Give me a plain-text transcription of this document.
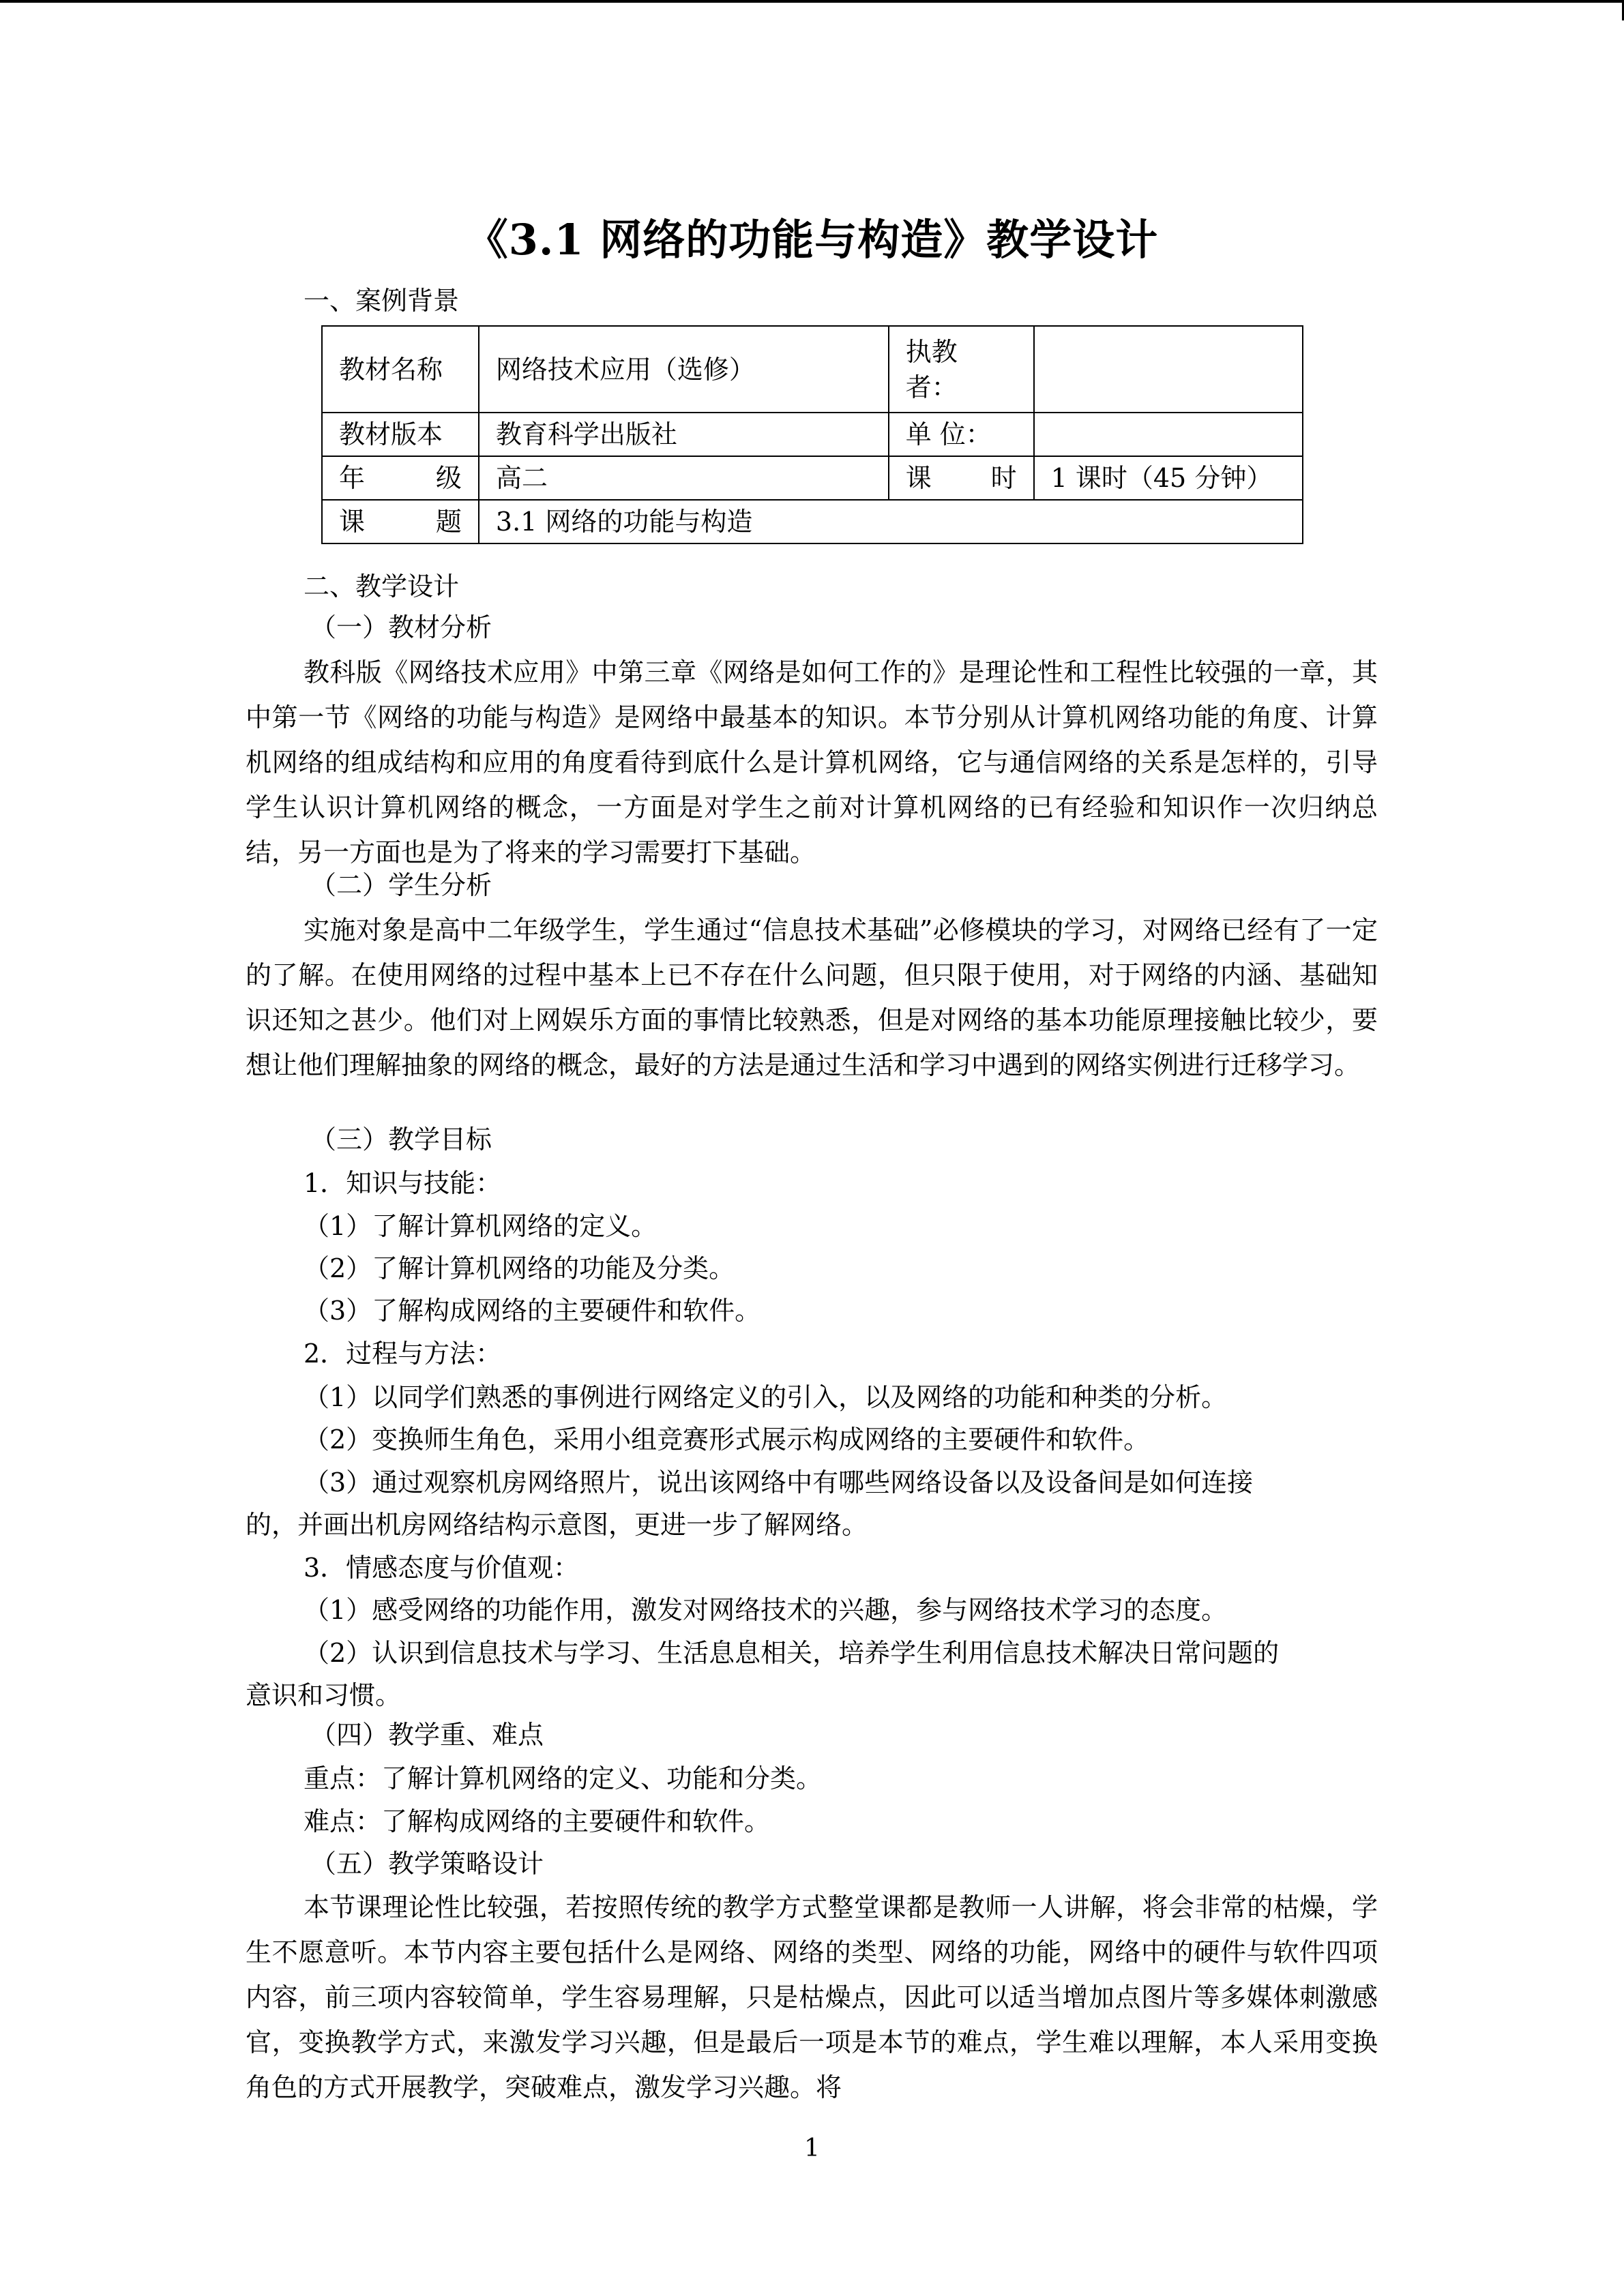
《3.1 网络的功能与构造》教学设计
一、案例背景
教材名称	网络技术应用（选修）	执教
者：	

教材版本	教育科学出版社	单 位：	

年 级	高二	课 时	1 课时（45 分钟）

课 题	3.1 网络的功能与构造		
二、教学设计
（一）教材分析

教科版《网络技术应用》中第三章《网络是如何工作的》是理论性和工程性比较强的一章，其中第一节《网络的功能与构造》是网络中最基本的知识。本节分别从计算机网络功能的角度、计算机网络的组成结构和应用的角度看待到底什么是计算机网络，它与通信网络的关系是怎样的，引导学生认识计算机网络的概念，一方面是对学生之前对计算机网络的已有经验和知识作一次归纳总结，另一方面也是为了将来的学习需要打下基础。

（二）学生分析

实施对象是高中二年级学生，学生通过“信息技术基础”必修模块的学习，对网络已经有了一定的了解。在使用网络的过程中基本上已不存在什么问题，但只限于使用，对于网络的内涵、基础知识还知之甚少。他们对上网娱乐方面的事情比较熟悉，但是对网络的基本功能原理接触比较少，要想让他们理解抽象的网络的概念，最好的方法是通过生活和学习中遇到的网络实例进行迁移学习。

（三）教学目标
1．知识与技能：
（1）了解计算机网络的定义。
（2）了解计算机网络的功能及分类。
（3）了解构成网络的主要硬件和软件。
2．过程与方法：
（1）以同学们熟悉的事例进行网络定义的引入，以及网络的功能和种类的分析。
（2）变换师生角色，采用小组竞赛形式展示构成网络的主要硬件和软件。
（3）通过观察机房网络照片，说出该网络中有哪些网络设备以及设备间是如何连接
的，并画出机房网络结构示意图，更进一步了解网络。
3．情感态度与价值观：
（1）感受网络的功能作用，激发对网络技术的兴趣，参与网络技术学习的态度。
（2）认识到信息技术与学习、生活息息相关，培养学生利用信息技术解决日常问题的
意识和习惯。
（四）教学重、难点
重点：了解计算机网络的定义、功能和分类。
难点：了解构成网络的主要硬件和软件。
（五）教学策略设计

本节课理论性比较强，若按照传统的教学方式整堂课都是教师一人讲解，将会非常的枯燥，学生不愿意听。本节内容主要包括什么是网络、网络的类型、网络的功能，网络中的硬件与软件四项内容，前三项内容较简单，学生容易理解，只是枯燥点，因此可以适当增加点图片等多媒体刺激感官，变换教学方式，来激发学习兴趣，但是最后一项是本节的难点，学生难以理解，本人采用变换角色的方式开展教学，突破难点，激发学习兴趣。将

1
